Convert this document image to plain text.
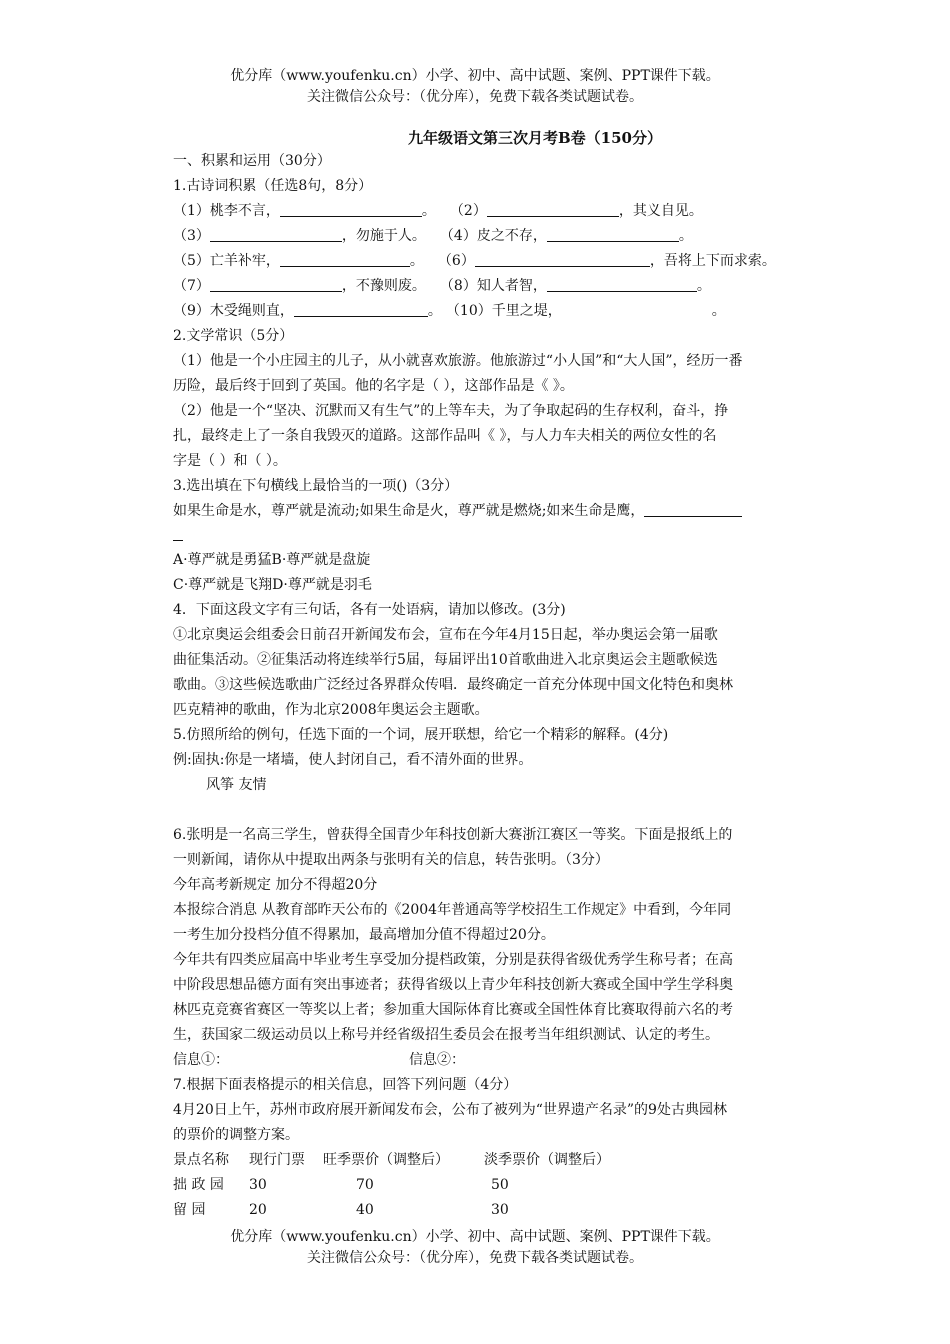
优分库（www.youfenku.cn）小学、初中、高中试题、案例、PPT课件下载。
关注微信公众号：（优分库），免费下载各类试题试卷。
九年级语文第三次月考B卷（150分）
一、积累和运用（30分）
1.古诗词积累（任选8句，8分）
（1）桃李不言，	。 （2）	，其义自见。
（3）	，勿施于人。 （4）皮之不存，	。
（5）亡羊补牢，	。 （6）	，吾将上下而求索。
（7）	，不豫则废。 （8）知人者智，	。
（9）木受绳则直，	。 （10）千里之堤，	。
2.文学常识（5分）
（1）他是一个小庄园主的儿子，从小就喜欢旅游。他旅游过“小人国”和“大人国”，经历一番
历险，最后终于回到了英国。他的名字是（ ），这部作品是《 》。
（2）他是一个“坚决、沉默而又有生气”的上等车夫，为了争取起码的生存权利，奋斗，挣
扎，最终走上了一条自我毁灭的道路。这部作品叫《 》，与人力车夫相关的两位女性的名
字是（ ）和（ ）。
3.选出填在下句横线上最恰当的一项()（3分）
如果生命是水，尊严就是流动;如果生命是火，尊严就是燃烧;如来生命是鹰，
A·尊严就是勇猛B·尊严就是盘旋
C·尊严就是飞翔D·尊严就是羽毛
4．下面这段文字有三句话，各有一处语病，请加以修改。(3分)
①北京奥运会组委会日前召开新闻发布会，宣布在今年4月15日起，举办奥运会第一届歌
曲征集活动。②征集活动将连续举行5届，每届评出10首歌曲进入北京奥运会主题歌候选
歌曲。③这些候选歌曲广泛经过各界群众传唱．最终确定一首充分体现中国文化特色和奥林
匹克精神的歌曲，作为北京2008年奥运会主题歌。
5.仿照所给的例句，任选下面的一个词，展开联想，给它一个精彩的解释。(4分)
例:固执:你是一堵墙，使人封闭自己，看不清外面的世界。
风筝 友情
6.张明是一名高三学生，曾获得全国青少年科技创新大赛浙江赛区一等奖。下面是报纸上的
一则新闻，请你从中提取出两条与张明有关的信息，转告张明。（3分）
今年高考新规定 加分不得超20分
本报综合消息 从教育部昨天公布的《2004年普通高等学校招生工作规定》中看到，今年同
一考生加分投档分值不得累加，最高增加分值不得超过20分。
今年共有四类应届高中毕业考生享受加分提档政策，分别是获得省级优秀学生称号者；在高
中阶段思想品德方面有突出事迹者；获得省级以上青少年科技创新大赛或全国中学生学科奥
林匹克竞赛省赛区一等奖以上者；参加重大国际体育比赛或全国性体育比赛取得前六名的考
生，获国家二级运动员以上称号并经省级招生委员会在报考当年组织测试、认定的考生。
信息①：	信息②：
7.根据下面表格提示的相关信息，回答下列问题（4分）
4月20日上午，苏州市政府展开新闻发布会，公布了被列为“世界遗产名录”的9处古典园林
的票价的调整方案。
景点名称 现行门票 旺季票价（调整后）	淡季票价（调整后）
拙 政 园 30	70	50
留 园	20	40	30
优分库（www.youfenku.cn）小学、初中、高中试题、案例、PPT课件下载。
关注微信公众号：（优分库），免费下载各类试题试卷。
